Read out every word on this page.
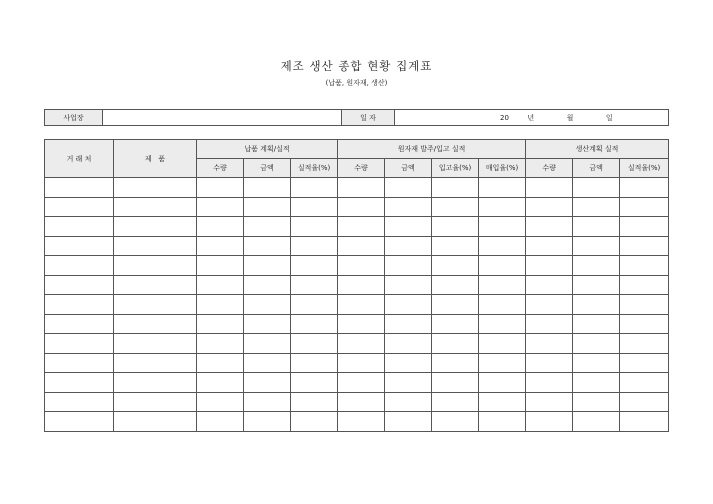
제조 생산 종합 현황 집계표
(납품, 원자재, 생산)
사업장		일 자	20	년	월	일
거 래 처	제   품	납품 계획/실적			원자재 발주/입고 실적				생산계획 실적		
		수량	금액	실적율(%)	수량	금액	입고율(%)	매입율(%)	수량	금액	실적율(%)
